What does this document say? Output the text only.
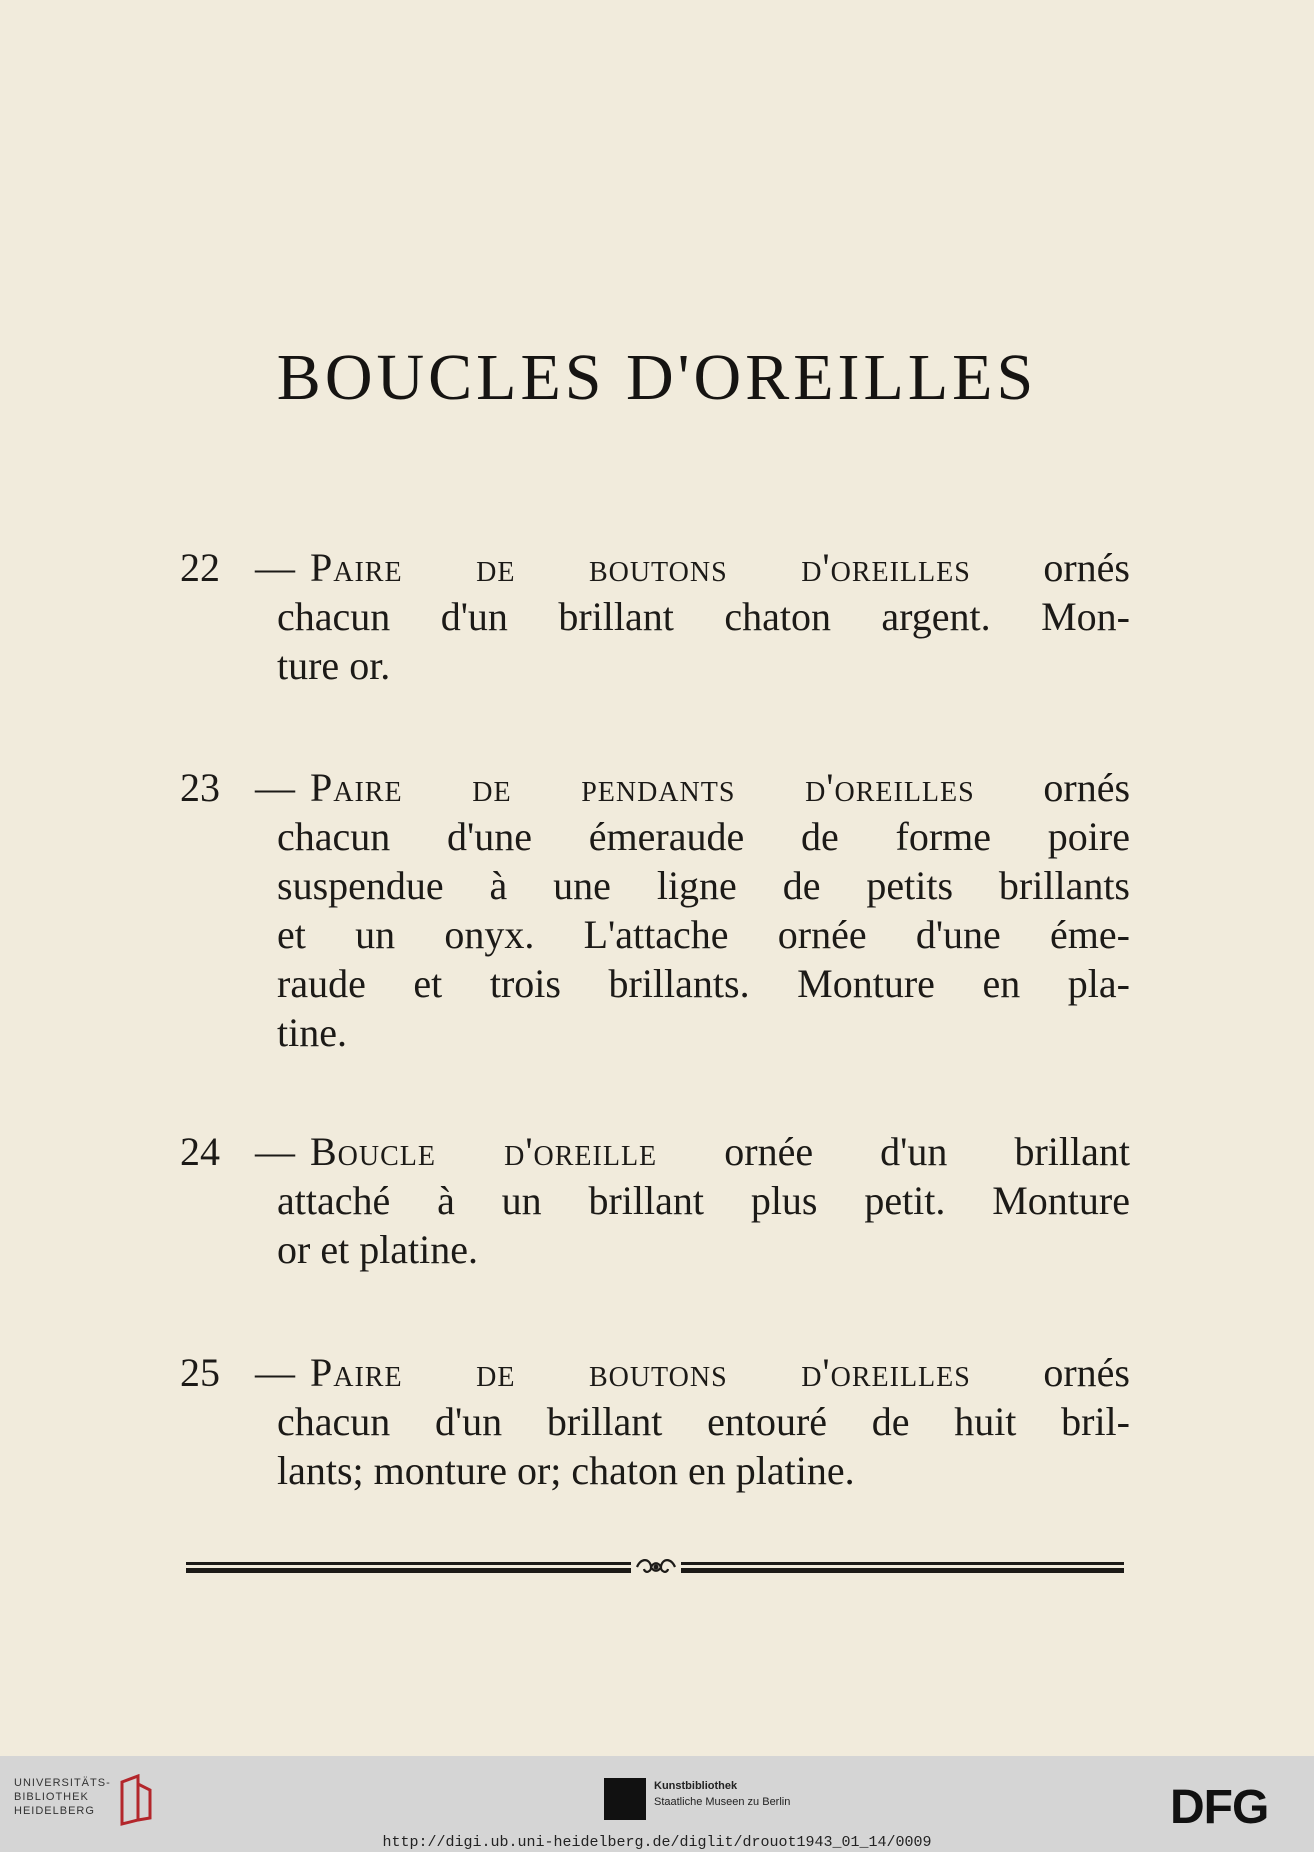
BOUCLES D'OREILLES
22 — Paire de boutons d'oreilles ornés
chacun d'un brillant chaton argent. Mon-
ture or.
23 — Paire de pendants d'oreilles ornés
chacun d'une émeraude de forme poire
suspendue à une ligne de petits brillants
et un onyx. L'attache ornée d'une éme-
raude et trois brillants. Monture en pla-
tine.
24 — Boucle d'oreille ornée d'un brillant
attaché à un brillant plus petit. Monture
or et platine.
25 — Paire de boutons d'oreilles ornés
chacun d'un brillant entouré de huit bril-
lants; monture or; chaton en platine.
UNIVERSITÄTS-
BIBLIOTHEK
HEIDELBERG
Kunstbibliothek
Staatliche Museen zu Berlin	DFG
http://digi.ub.uni-heidelberg.de/diglit/drouot1943_01_14/0009
